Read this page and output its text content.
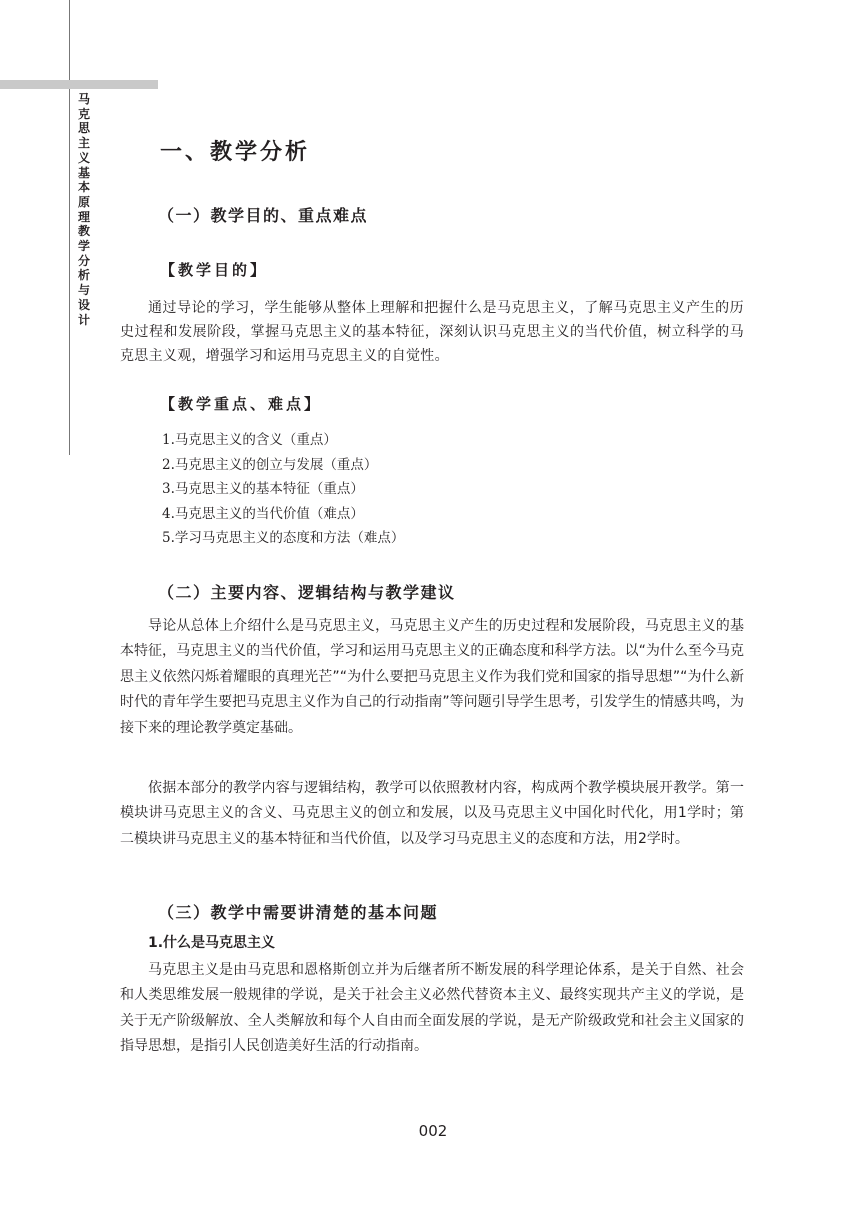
马
克
思
主
义
基
本
原
理
教
学
分
析
与
设
计
一、教学分析
（一）教学目的、重点难点
【教学目的】
通过导论的学习，学生能够从整体上理解和把握什么是马克思主义，了解马克思主义产生的历史过程和发展阶段，掌握马克思主义的基本特征，深刻认识马克思主义的当代价值，树立科学的马克思主义观，增强学习和运用马克思主义的自觉性。
【教学重点、难点】
1.马克思主义的含义（重点）
2.马克思主义的创立与发展（重点）
3.马克思主义的基本特征（重点）
4.马克思主义的当代价值（难点）
5.学习马克思主义的态度和方法（难点）
（二）主要内容、逻辑结构与教学建议
导论从总体上介绍什么是马克思主义，马克思主义产生的历史过程和发展阶段，马克思主义的基本特征，马克思主义的当代价值，学习和运用马克思主义的正确态度和科学方法。以“为什么至今马克思主义依然闪烁着耀眼的真理光芒”“为什么要把马克思主义作为我们党和国家的指导思想”“为什么新时代的青年学生要把马克思主义作为自己的行动指南”等问题引导学生思考，引发学生的情感共鸣，为接下来的理论教学奠定基础。
依据本部分的教学内容与逻辑结构，教学可以依照教材内容，构成两个教学模块展开教学。第一模块讲马克思主义的含义、马克思主义的创立和发展，以及马克思主义中国化时代化，用1学时；第二模块讲马克思主义的基本特征和当代价值，以及学习马克思主义的态度和方法，用2学时。
（三）教学中需要讲清楚的基本问题
1.什么是马克思主义
马克思主义是由马克思和恩格斯创立并为后继者所不断发展的科学理论体系，是关于自然、社会和人类思维发展一般规律的学说，是关于社会主义必然代替资本主义、最终实现共产主义的学说，是关于无产阶级解放、全人类解放和每个人自由而全面发展的学说，是无产阶级政党和社会主义国家的指导思想，是指引人民创造美好生活的行动指南。
002
